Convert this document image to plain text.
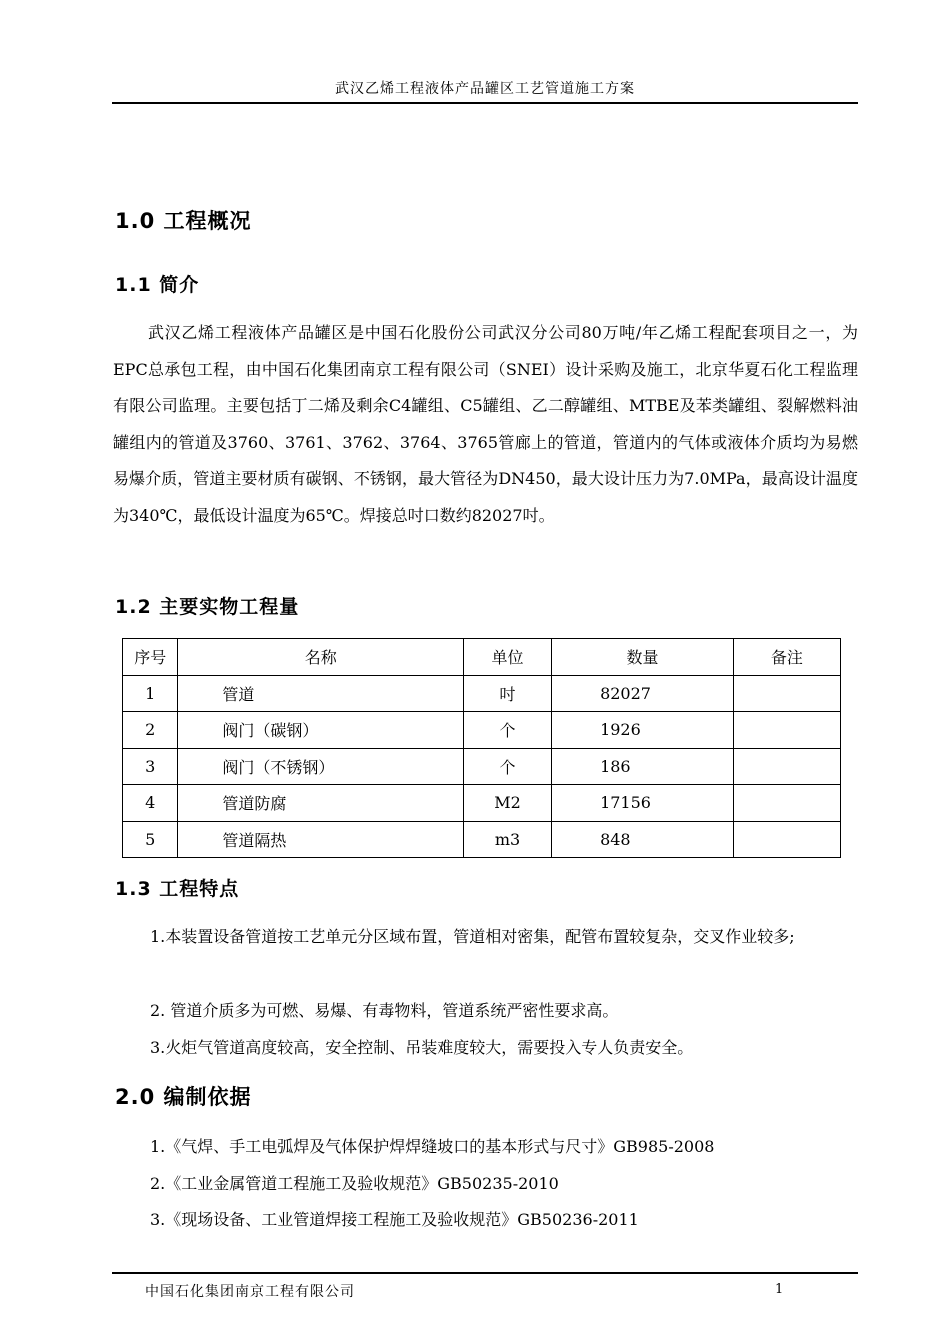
武汉乙烯工程液体产品罐区工艺管道施工方案
1.0 工程概况
1.1 简介
武汉乙烯工程液体产品罐区是中国石化股份公司武汉分公司80万吨/年乙烯工程配套项目之一，为EPC总承包工程，由中国石化集团南京工程有限公司（SNEI）设计采购及施工，北京华夏石化工程监理有限公司监理。主要包括丁二烯及剩余C4罐组、C5罐组、乙二醇罐组、MTBE及苯类罐组、裂解燃料油罐组内的管道及3760、3761、3762、3764、3765管廊上的管道，管道内的气体或液体介质均为易燃易爆介质，管道主要材质有碳钢、不锈钢，最大管径为DN450，最大设计压力为7.0MPa，最高设计温度为340℃，最低设计温度为65℃。焊接总吋口数约82027吋。
1.2 主要实物工程量
序号	名称	单位	数量	备注
1	管道	吋	82027	
2	阀门（碳钢）	个	1926	
3	阀门（不锈钢）	个	186	
4	管道防腐	M2	17156	
5	管道隔热	m3	848	
1.3 工程特点
1.本装置设备管道按工艺单元分区域布置，管道相对密集，配管布置较复杂，交叉作业较多;
2. 管道介质多为可燃、易爆、有毒物料，管道系统严密性要求高。
3.火炬气管道高度较高，安全控制、吊装难度较大，需要投入专人负责安全。
2.0 编制依据
1.《气焊、手工电弧焊及气体保护焊焊缝坡口的基本形式与尺寸》GB985-2008
2.《工业金属管道工程施工及验收规范》GB50235-2010
3.《现场设备、工业管道焊接工程施工及验收规范》GB50236-2011
中国石化集团南京工程有限公司	1
